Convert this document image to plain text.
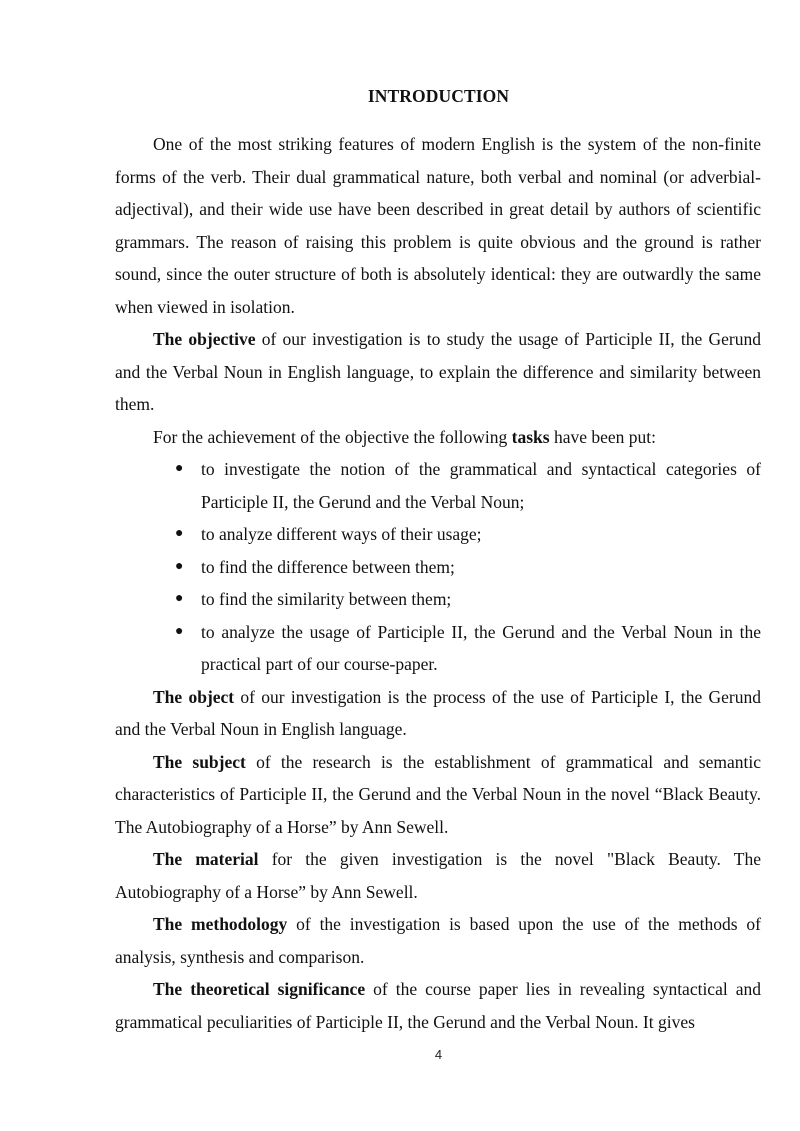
INTRODUCTION

One of the most striking features of modern English is the system of the non-finite forms of the verb. Their dual grammatical nature, both verbal and nominal (or adverbial-adjectival), and their wide use have been described in great detail by authors of scientific grammars. The reason of raising this problem is quite obvious and the ground is rather sound, since the outer structure of both is absolutely identical: they are outwardly the same when viewed in isolation.

The objective of our investigation is to study the usage of Participle II, the Gerund and the Verbal Noun in English language, to explain the difference and similarity between them.

For the achievement of the objective the following tasks have been put:

● to investigate the notion of the grammatical and syntactical categories of Participle II, the Gerund and the Verbal Noun;
● to analyze different ways of their usage;
● to find the difference between them;
● to find the similarity between them;
● to analyze the usage of Participle II, the Gerund and the Verbal Noun in the practical part of our course-paper.

The object of our investigation is the process of the use of Participle I, the Gerund and the Verbal Noun in English language.

The subject of the research is the establishment of grammatical and semantic characteristics of Participle II, the Gerund and the Verbal Noun in the novel “Black Beauty. The Autobiography of a Horse” by Ann Sewell.

The material for the given investigation is the novel "Black Beauty. The Autobiography of a Horse” by Ann Sewell.

The methodology of the investigation is based upon the use of the methods of analysis, synthesis and comparison.

The theoretical significance of the course paper lies in revealing syntactical and grammatical peculiarities of Participle II, the Gerund and the Verbal Noun. It gives

4
